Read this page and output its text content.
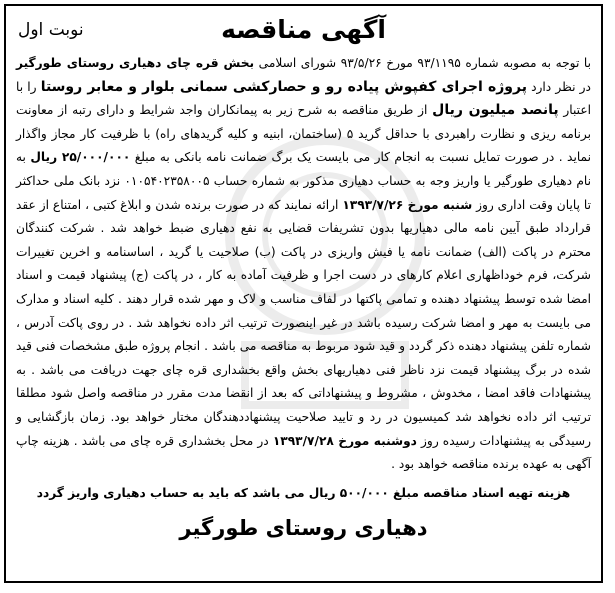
آگهی مناقصه
نوبت اول

با توجه به مصوبه شماره ۹۳/۱۱۹۵ مورخ ۹۳/۵/۲۶ شورای اسلامی بخش قره چای دهیاری روستای طورگیر در نظر دارد پروژه اجرای کفپوش پیاده رو و حصارکشی سمانی بلوار و معابر روستا را با اعتبار پانصد میلیون ریال از طریق مناقصه به شرح زیر به پیمانکاران واجد شرایط و دارای رتبه از معاونت برنامه ریزی و نظارت راهبردی با حداقل گرید ۵ (ساختمان، ابنیه و کلیه گریدهای راه) با ظرفیت کار مجاز واگذار نماید . در صورت تمایل نسبت به انجام کار می بایست یک برگ ضمانت نامه بانکی به مبلغ ۲۵/۰۰۰/۰۰۰ ریال به نام دهیاری طورگیر یا واریز وجه به حساب دهیاری مذکور به شماره حساب ۰۱۰۵۴۰۲۳۵۸۰۰۵ نزد بانک ملی حداکثر تا پایان وقت اداری روز شنبه مورخ ۱۳۹۳/۷/۲۶ ارائه نمایند که در صورت برنده شدن و ابلاغ کتبی ، امتناع از عقد قرارداد طبق آیین نامه مالی دهیاریها بدون تشریفات قضایی به نفع دهیاری ضبط خواهد شد . شرکت کنندگان محترم در پاکت (الف) ضمانت نامه یا فیش واریزی در پاکت (ب) صلاحیت یا گرید ، اساسنامه و اخرین تغییرات شرکت، فرم خوداظهاری اعلام کارهای در دست اجرا و ظرفیت آماده به کار ، در پاکت (ج) پیشنهاد قیمت و اسناد امضا شده توسط پیشنهاد دهنده و تمامی پاکتها در لفاف مناسب و لاک و مهر شده قرار دهند . کلیه اسناد و مدارک می بایست به مهر و امضا شرکت رسیده باشد در غیر اینصورت ترتیب اثر داده نخواهد شد . در روی پاکت آدرس ، شماره تلفن پیشنهاد دهنده ذکر گردد و قید شود مربوط به مناقصه می باشد . انجام پروژه طبق مشخصات فنی قید شده در برگ پیشنهاد قیمت نزد ناظر فنی دهیاریهای بخش واقع بخشداری قره چای جهت دریافت می باشد . به پیشنهادات فاقد امضا ، مخدوش ، مشروط و پیشنهاداتی که بعد از انقضا مدت مقرر در مناقصه واصل شود مطلقا ترتیب اثر داده نخواهد شد کمیسیون در رد و تایید صلاحیت پیشنهاددهندگان مختار خواهد بود. زمان بازگشایی و رسیدگی به پیشنهادات رسیده روز دوشنبه مورخ ۱۳۹۳/۷/۲۸ در محل بخشداری قره چای می باشد . هزینه چاپ آگهی به عهده برنده مناقصه خواهد بود .

هزینه تهیه اسناد مناقصه مبلغ ۵۰۰/۰۰۰ ریال می باشد که باید به حساب دهیاری واریز گردد

دهیاری روستای طورگیر
